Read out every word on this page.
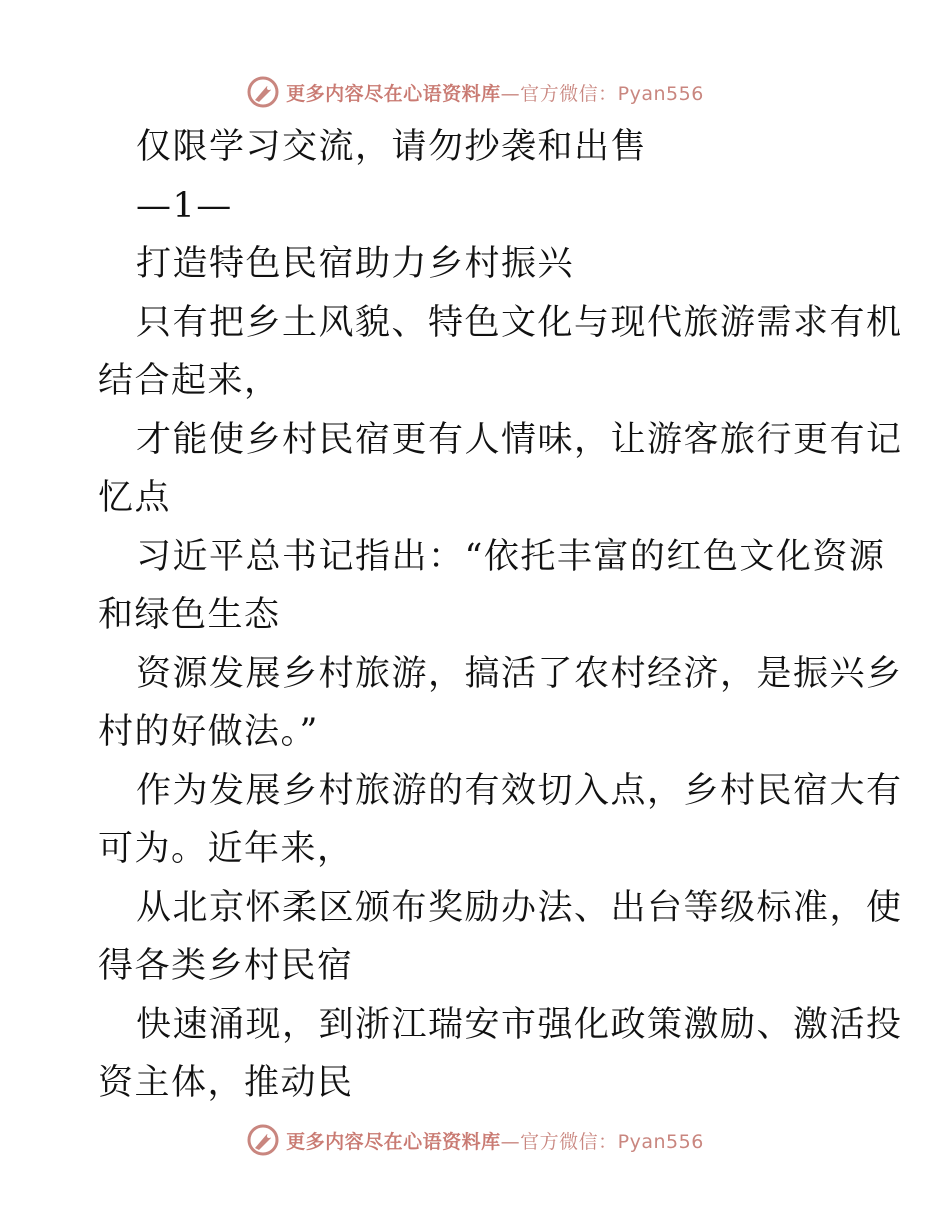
更多内容尽在心语资料库—官方微信：Pyan556
仅限学习交流，请勿抄袭和出售
—1—
打造特色民宿助力乡村振兴
只有把乡土风貌、特色文化与现代旅游需求有机
结合起来，
才能使乡村民宿更有人情味，让游客旅行更有记
忆点
习近平总书记指出：“依托丰富的红色文化资源
和绿色生态
资源发展乡村旅游，搞活了农村经济，是振兴乡
村的好做法。”
作为发展乡村旅游的有效切入点，乡村民宿大有
可为。近年来，
从北京怀柔区颁布奖励办法、出台等级标准，使
得各类乡村民宿
快速涌现，到浙江瑞安市强化政策激励、激活投
资主体，推动民
更多内容尽在心语资料库—官方微信：Pyan556
